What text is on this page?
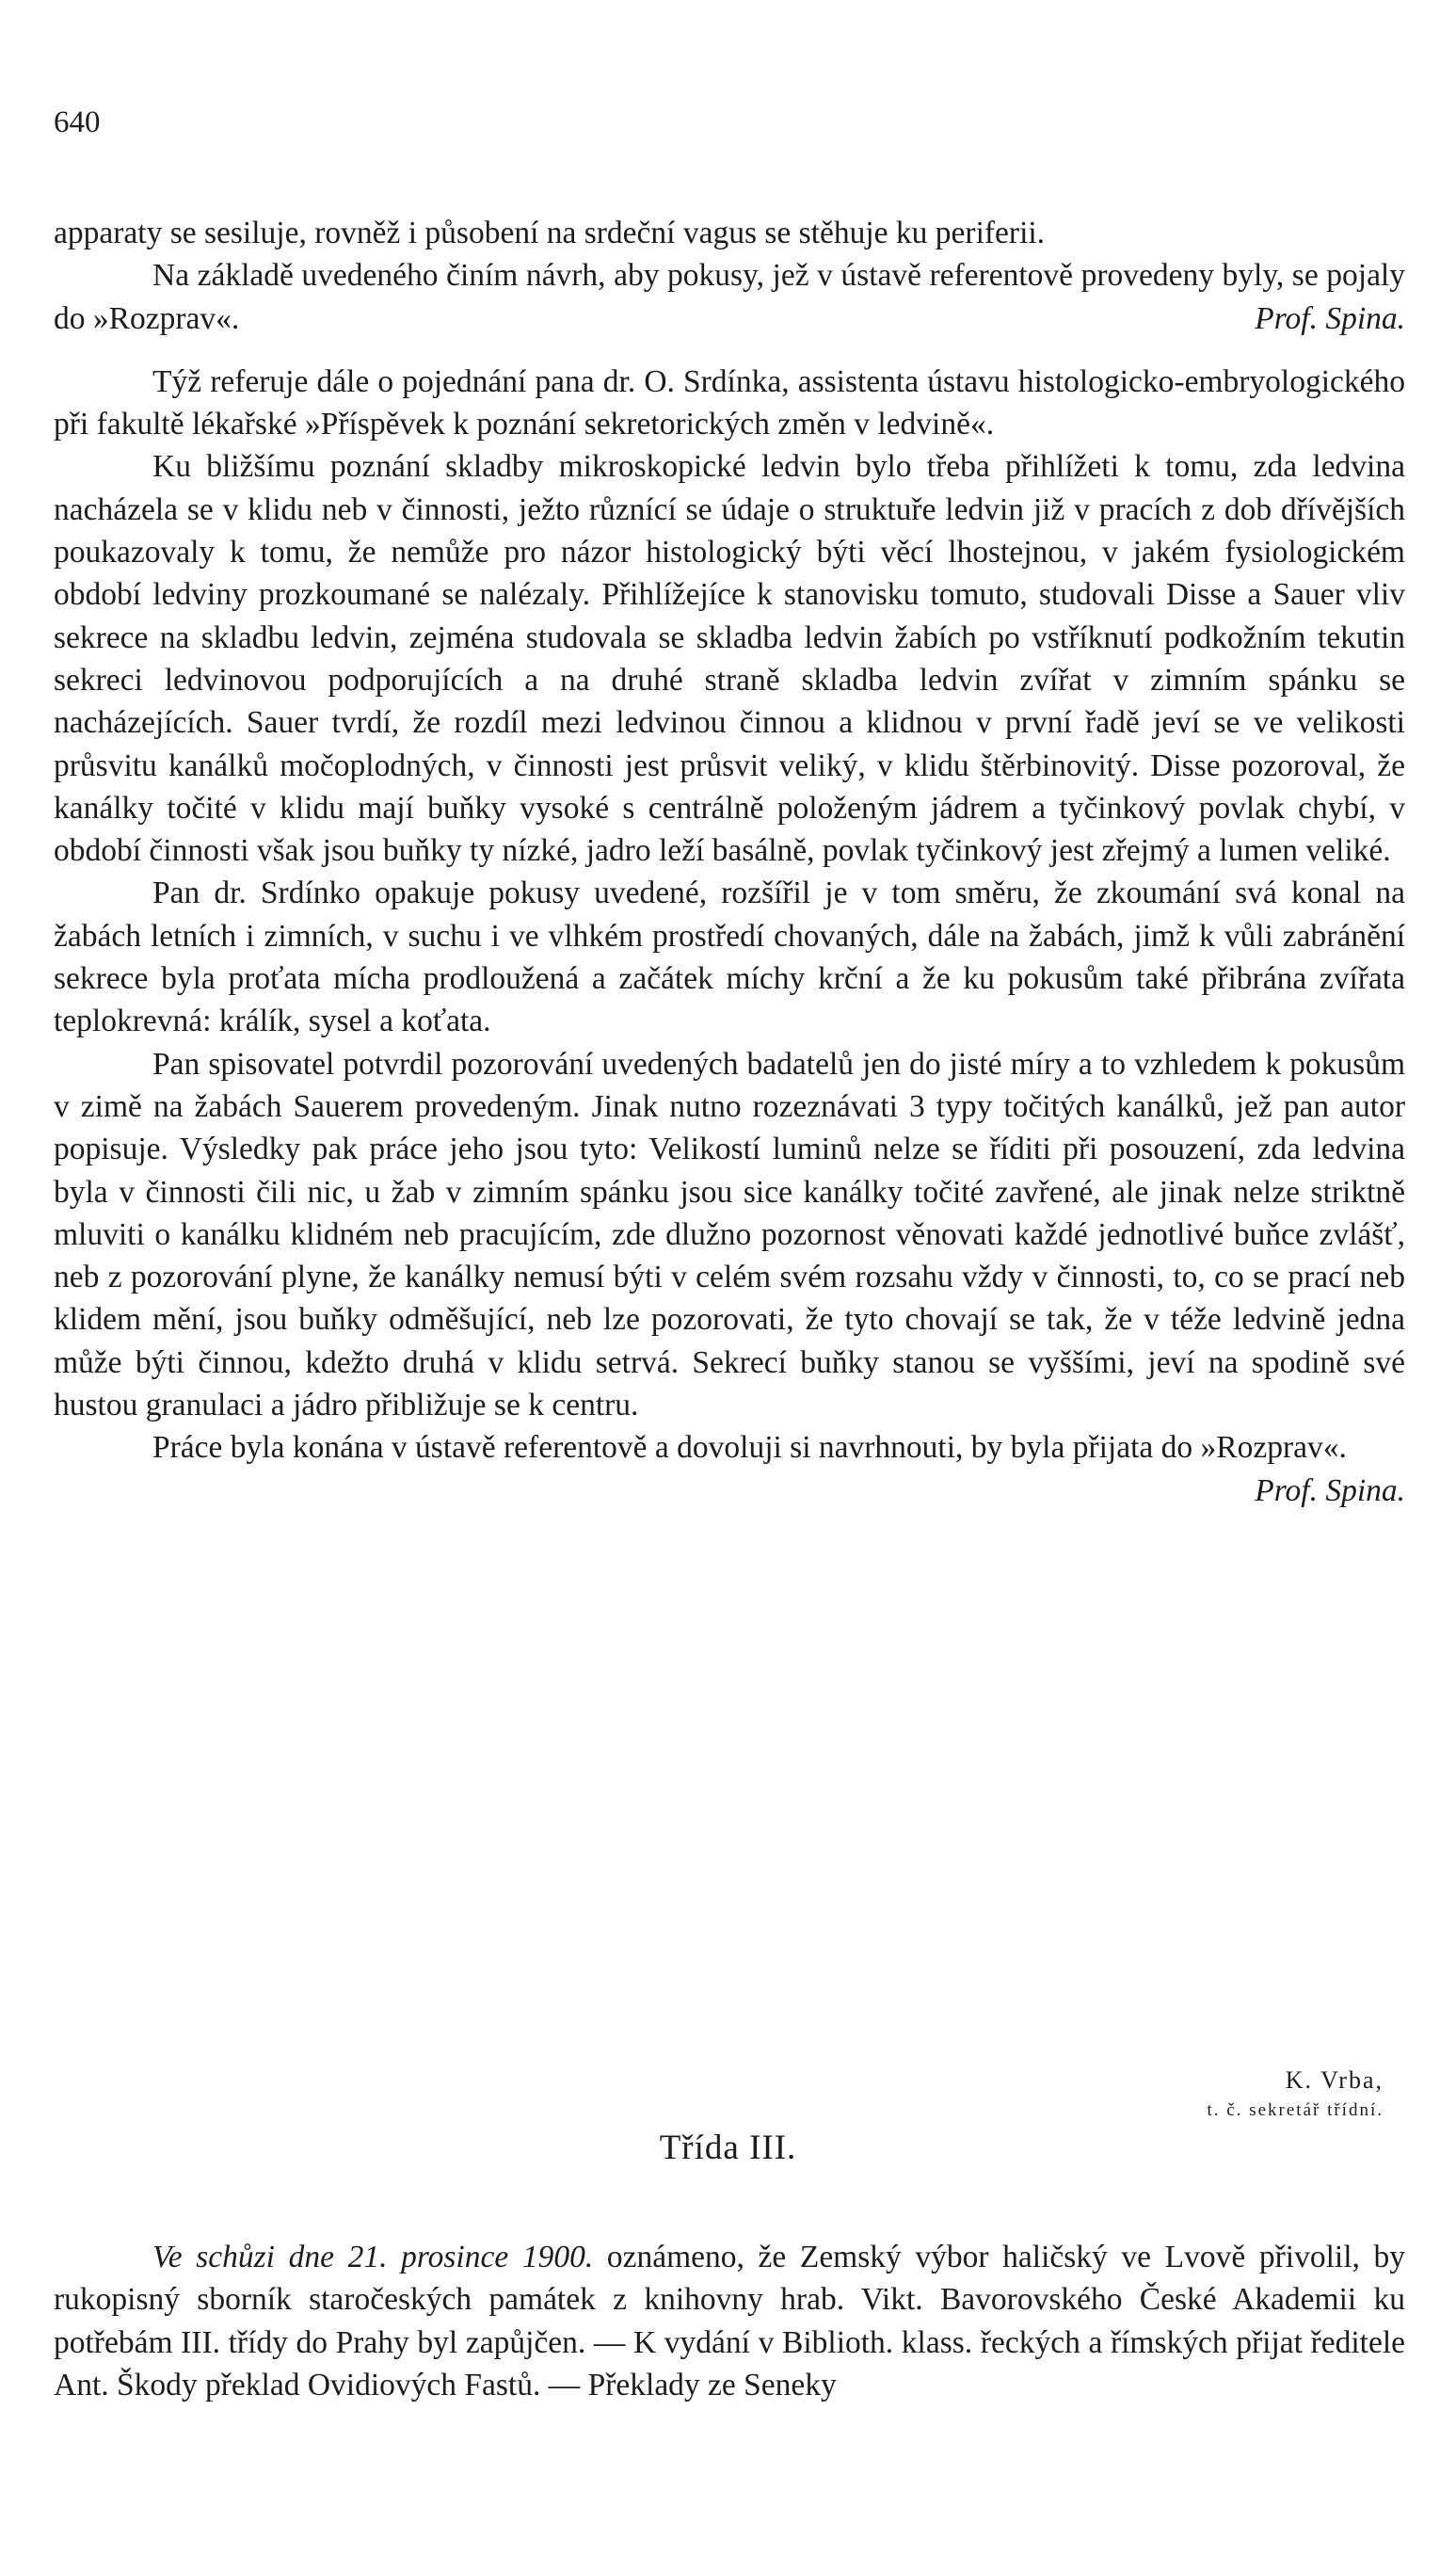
640

apparaty se sesiluje, rovněž i působení na srdeční vagus se stěhuje ku periferii.

Na základě uvedeného činím návrh, aby pokusy, jež v ústavě referentově provedeny byly, se pojaly do »Rozprav«.	Prof. Spina.

Týž referuje dále o pojednání pana dr. O. Srdínka, assistenta ústavu histologicko-embryologického při fakultě lékařské »Příspěvek k poznání sekretorických změn v ledvině«.

Ku bližšímu poznání skladby mikroskopické ledvin bylo třeba přihlížeti k tomu, zda ledvina nacházela se v klidu neb v činnosti, ježto různící se údaje o struktuře ledvin již v pracích z dob dřívějších poukazovaly k tomu, že nemůže pro názor histologický býti věcí lhostejnou, v jakém fysiologickém období ledviny prozkoumané se nalézaly. Přihlížejíce k stanovisku tomuto, studovali Disse a Sauer vliv sekrece na skladbu ledvin, zejména studovala se skladba ledvin žabích po vstříknutí podkožním tekutin sekreci ledvinovou podporujících a na druhé straně skladba ledvin zvířat v zimním spánku se nacházejících. Sauer tvrdí, že rozdíl mezi ledvinou činnou a klidnou v první řadě jeví se ve velikosti průsvitu kanálků močoplodných, v činnosti jest průsvit veliký, v klidu štěrbinovitý. Disse pozoroval, že kanálky točité v klidu mají buňky vysoké s centrálně položeným jádrem a tyčinkový povlak chybí, v období činnosti však jsou buňky ty nízké, jadro leží basálně, povlak tyčinkový jest zřejmý a lumen veliké.

Pan dr. Srdínko opakuje pokusy uvedené, rozšířil je v tom směru, že zkoumání svá konal na žabách letních i zimních, v suchu i ve vlhkém prostředí chovaných, dále na žabách, jimž k vůli zabránění sekrece byla proťata mícha prodloužená a začátek míchy krční a že ku pokusům také přibrána zvířata teplokrevná: králík, sysel a koťata.

Pan spisovatel potvrdil pozorování uvedených badatelů jen do jisté míry a to vzhledem k pokusům v zimě na žabách Sauerem provedeným. Jinak nutno rozeznávati 3 typy točitých kanálků, jež pan autor popisuje. Výsledky pak práce jeho jsou tyto: Velikostí luminů nelze se říditi při posouzení, zda ledvina byla v činnosti čili nic, u žab v zimním spánku jsou sice kanálky točité zavřené, ale jinak nelze striktně mluviti o kanálku klidném neb pracujícím, zde dlužno pozornost věnovati každé jednotlivé buňce zvlášť, neb z pozorování plyne, že kanálky nemusí býti v celém svém rozsahu vždy v činnosti, to, co se prací neb klidem mění, jsou buňky odměšující, neb lze pozorovati, že tyto chovají se tak, že v téže ledvině jedna může býti činnou, kdežto druhá v klidu setrvá. Sekrecí buňky stanou se vyššími, jeví na spodině své hustou granulaci a jádro přibližuje se k centru.

Práce byla konána v ústavě referentově a dovoluji si navrhnouti, by byla přijata do »Rozprav«.
Prof. Spina.

K. Vrba,
t. č. sekretář třídní.
Třída III.

Ve schůzi dne 21. prosince 1900. oznámeno, že Zemský výbor haličský ve Lvově přivolil, by rukopisný sborník staročeských památek z knihovny hrab. Vikt. Bavorovského České Akademii ku potřebám III. třídy do Prahy byl zapůjčen. — K vydání v Biblioth. klass. řeckých a římských přijat ředitele Ant. Škody překlad Ovidiových Fastů. — Překlady ze Seneky
